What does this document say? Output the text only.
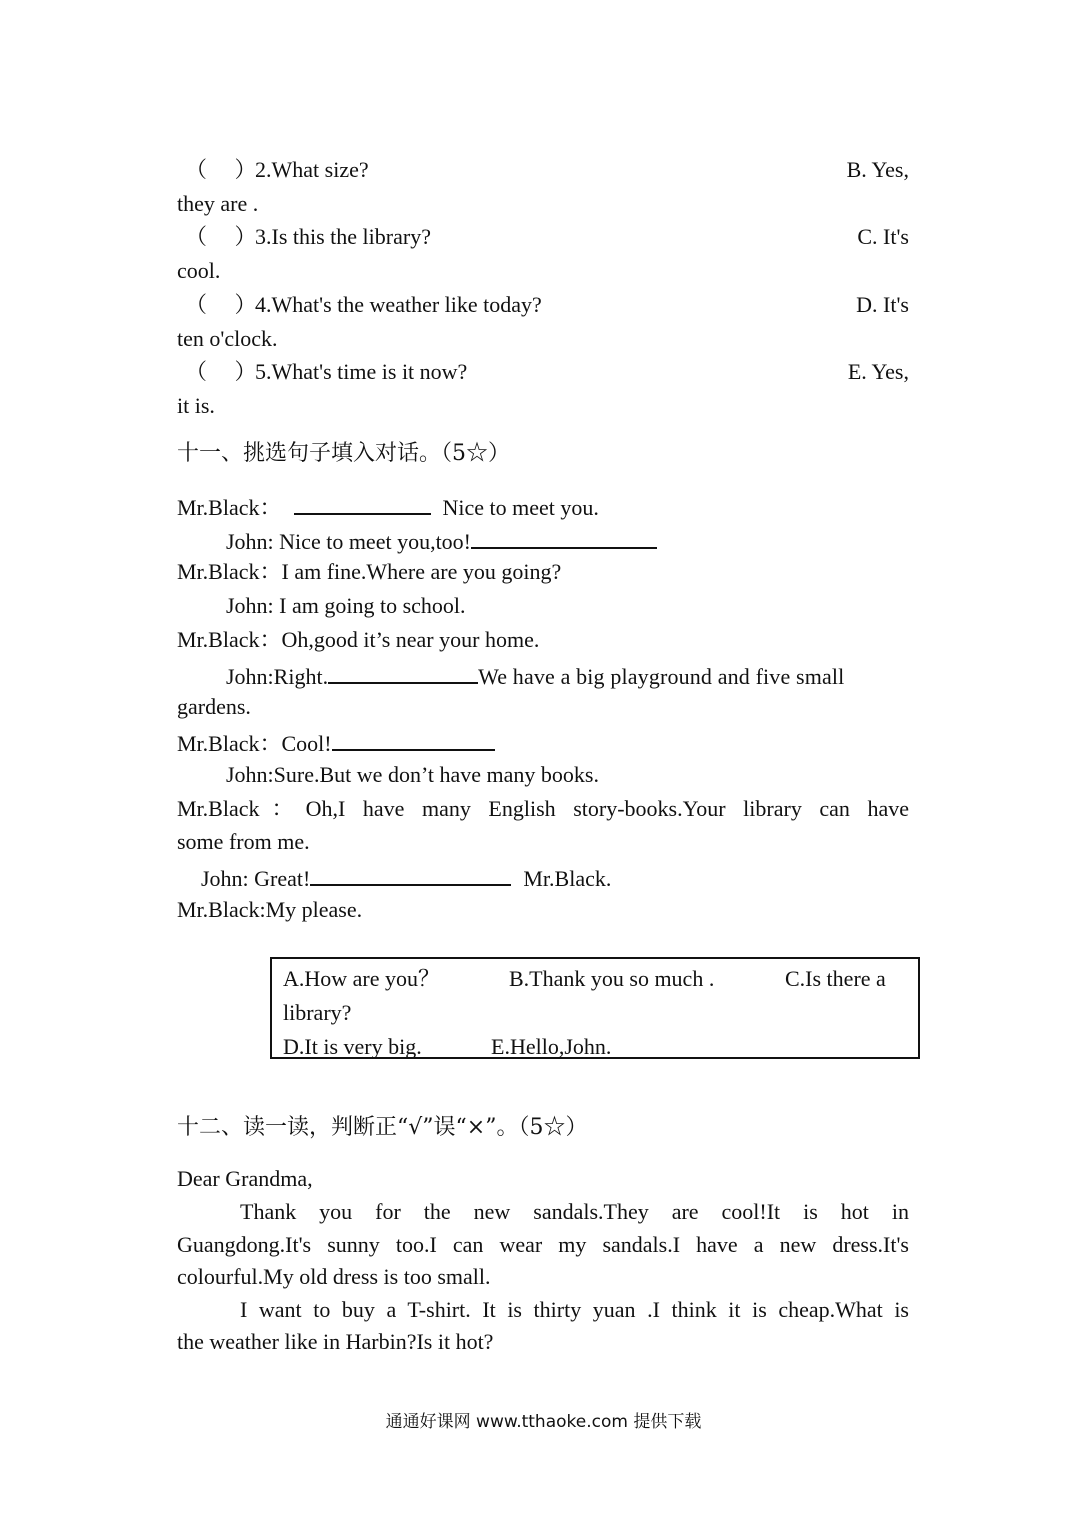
（ ）2.What size?	B. Yes,
they are .
（ ）3.Is this the library?	C. It's
cool.
（ ）4.What's the weather like today?	D. It's
ten o'clock.
（ ）5.What's time is it now?	E. Yes,
it is.
十一、挑选句子填入对话。（5☆）
Mr.Black：	Nice to meet you.
John: Nice to meet you,too!
Mr.Black：I am fine.Where are you going?
John: I am going to school.
Mr.Black：Oh,good it’s near your home.
John:Right.	We have a big playground and five small
gardens.
Mr.Black：Cool!
John:Sure.But we don’t have many books.
Mr.Black：Oh,I have many English story-books.Your library can have
some from me.
John: Great!	Mr.Black.
Mr.Black:My please.
A.How are you？	B.Thank you so much .	C.Is there a
library?
D.It is very big.	E.Hello,John.
十二、读一读，判断正“√”误“×”。（5☆）
Dear Grandma,
Thank you for the new sandals.They are cool!It is hot in
Guangdong.It's sunny too.I can wear my sandals.I have a new dress.It's
colourful.My old dress is too small.
I want to buy a T-shirt. It is thirty yuan .I think it is cheap.What is
the weather like in Harbin?Is it hot?
通通好课网 www.tthaoke.com 提供下载
